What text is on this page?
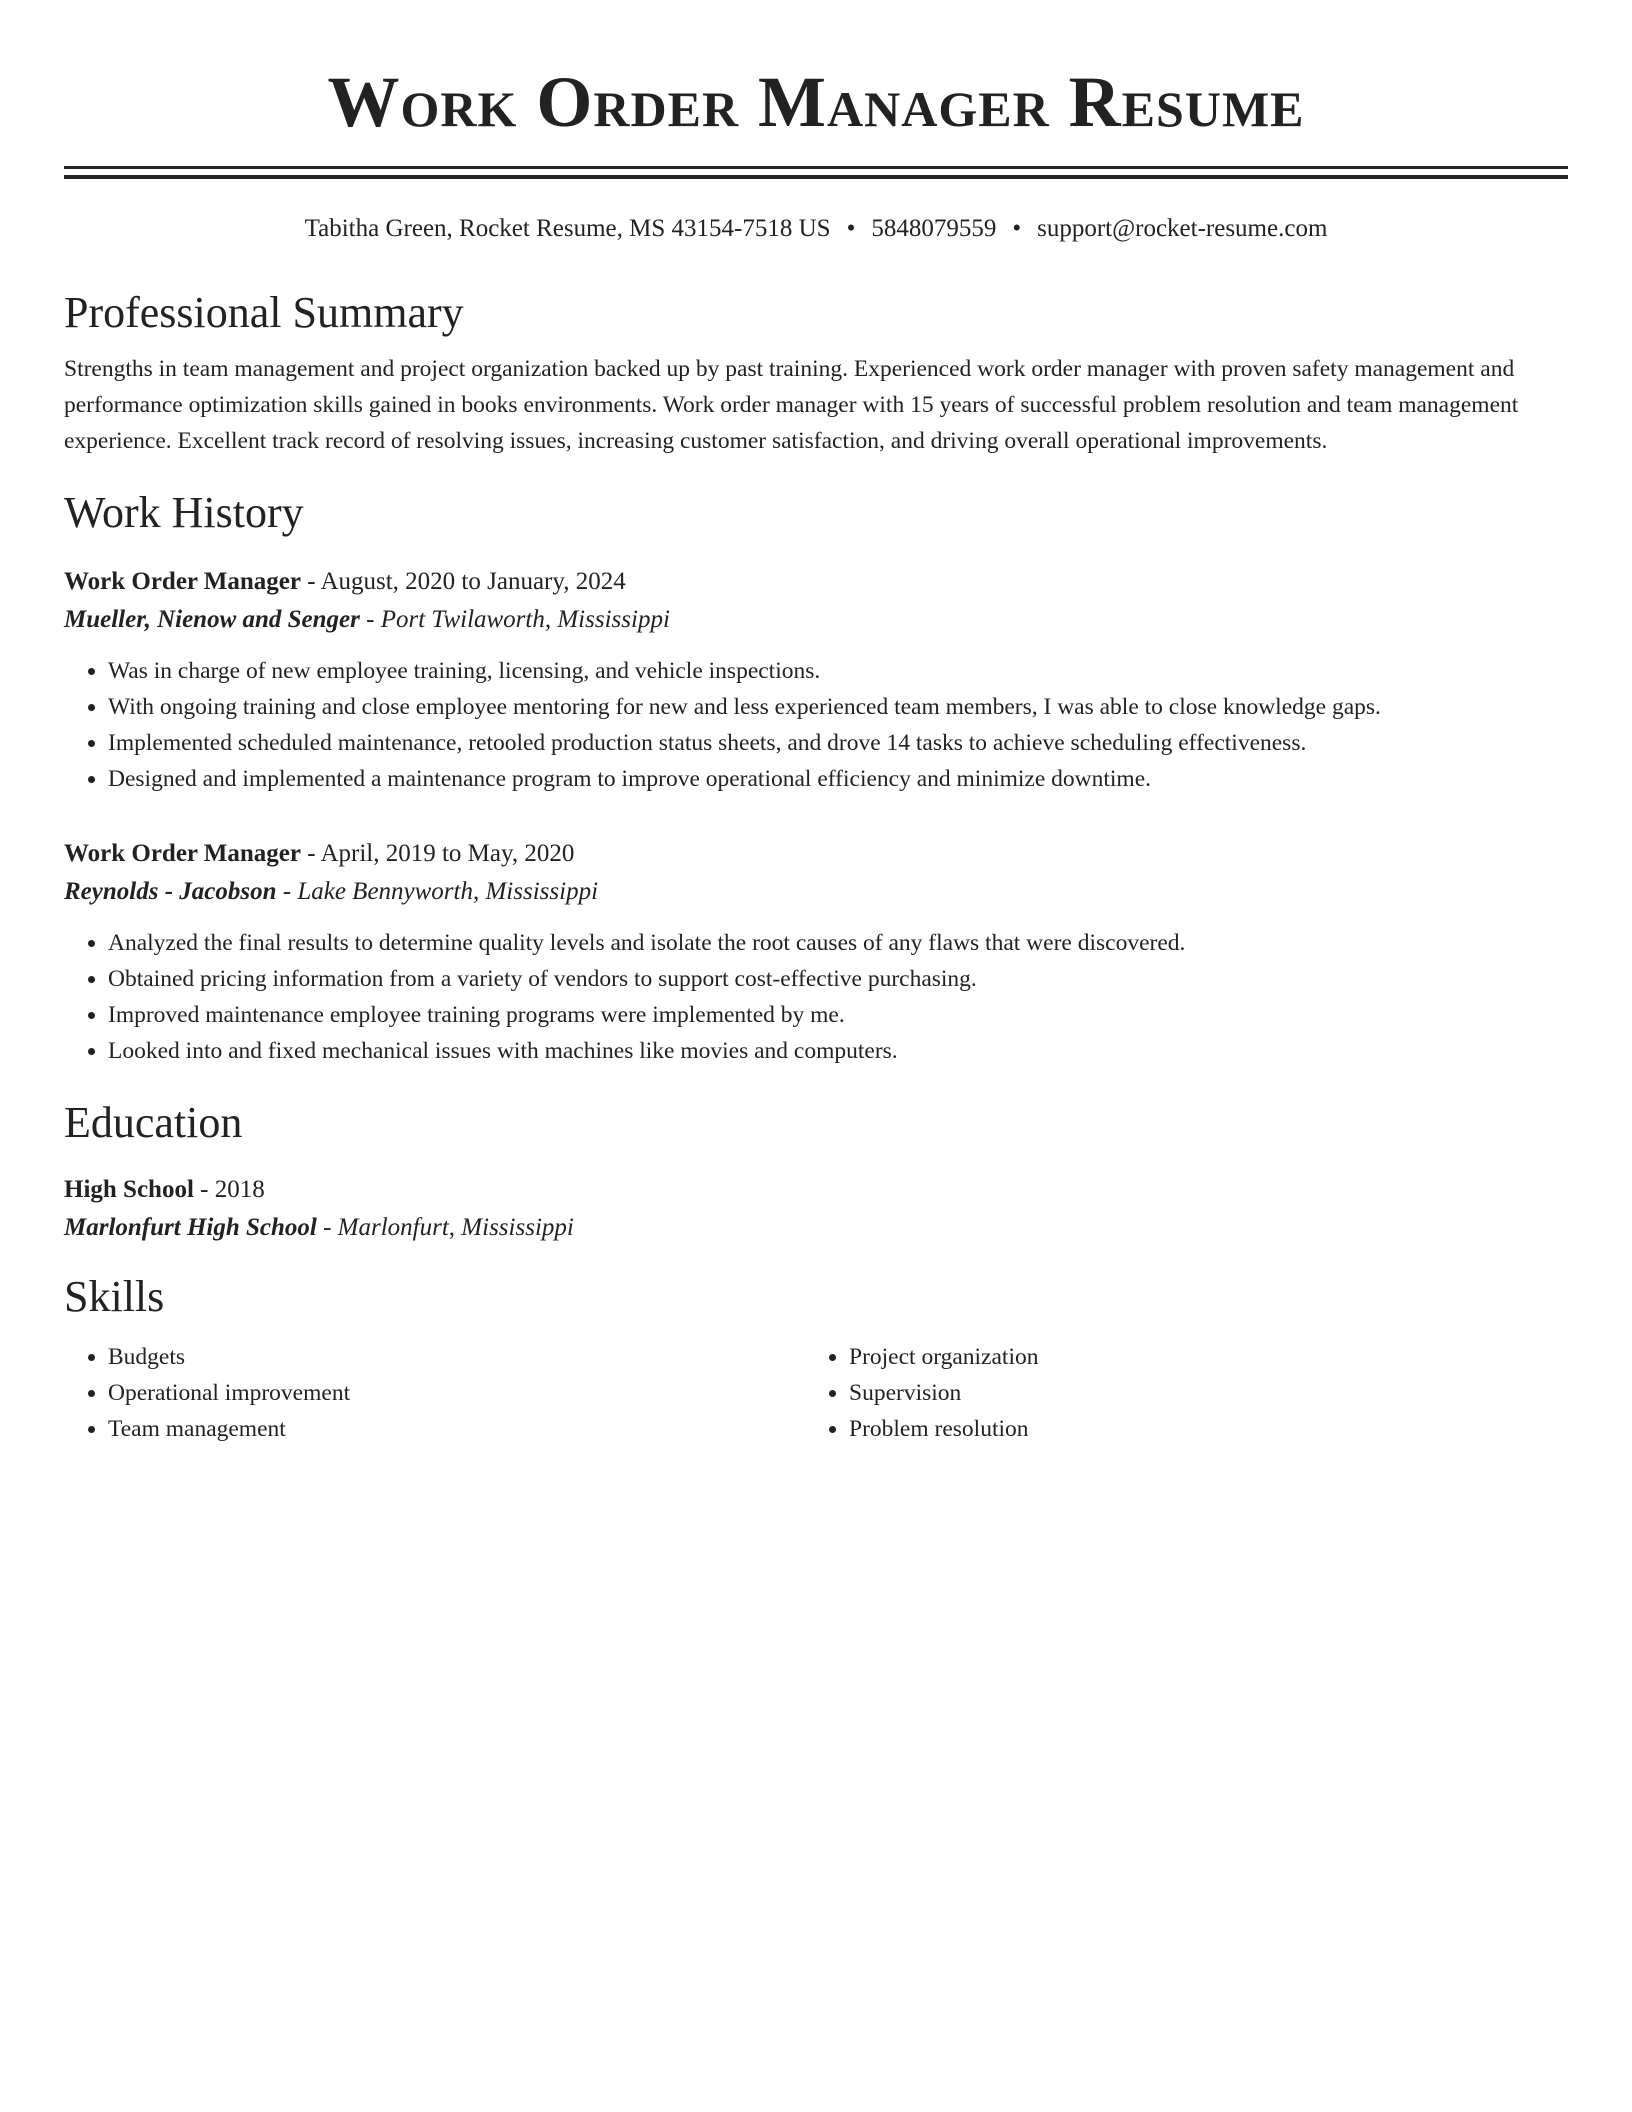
Work Order Manager Resume
Tabitha Green, Rocket Resume, MS 43154-7518 US • 5848079559 • support@rocket-resume.com
Professional Summary

Strengths in team management and project organization backed up by past training. Experienced work order manager with proven safety management and performance optimization skills gained in books environments. Work order manager with 15 years of successful problem resolution and team management experience. Excellent track record of resolving issues, increasing customer satisfaction, and driving overall operational improvements.

Work History
Work Order Manager - August, 2020 to January, 2024
Mueller, Nienow and Senger - Port Twilaworth, Mississippi
• Was in charge of new employee training, licensing, and vehicle inspections.
• With ongoing training and close employee mentoring for new and less experienced team members, I was able to close knowledge gaps.
• Implemented scheduled maintenance, retooled production status sheets, and drove 14 tasks to achieve scheduling effectiveness.
• Designed and implemented a maintenance program to improve operational efficiency and minimize downtime.
Work Order Manager - April, 2019 to May, 2020
Reynolds - Jacobson - Lake Bennyworth, Mississippi
• Analyzed the final results to determine quality levels and isolate the root causes of any flaws that were discovered.
• Obtained pricing information from a variety of vendors to support cost-effective purchasing.
• Improved maintenance employee training programs were implemented by me.
• Looked into and fixed mechanical issues with machines like movies and computers.
Education
High School - 2018
Marlonfurt High School - Marlonfurt, Mississippi
Skills
• Budgets
• Operational improvement
• Team management
• Project organization
• Supervision
• Problem resolution
